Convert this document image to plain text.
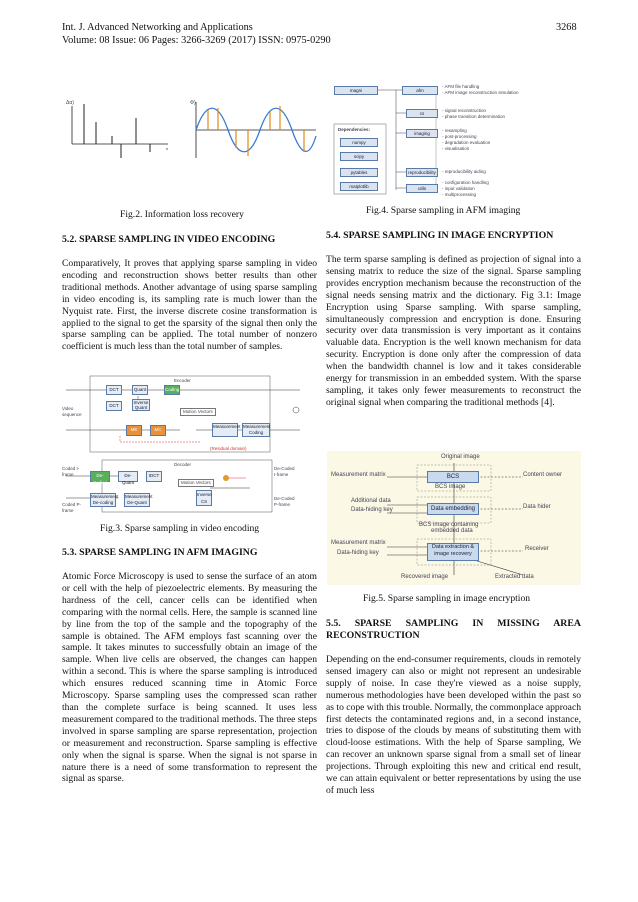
Int. J. Advanced Networking and Applications	3268
Volume: 08 Issue: 06 Pages: 3266-3269 (2017) ISSN: 0975-0290
n
Δα)	Φ)
Fig.2. Information loss recovery
5.2. SPARSE SAMPLING IN VIDEO ENCODING

Comparatively, It proves that applying sparse sampling in video encoding and reconstruction shows better results than other traditional methods. Another advantage of using sparse sampling in video encoding is, its sampling rate is much lower than the Nyquist rate. First, the inverse discrete cosine transformation is applied to the signal to get the sparsity of the signal then only the sparse sampling can be applied. The total number of nonzero coefficient is much less than the total number of samples.

Encoder
Decoder
Video sequence
DCT	Quant	Coding
DCT
Inverse Quant
Motion Vectors
ME	MC
Measurement Measurement Coding
(Residual domain)
Coded I-frame
Coded P-frame
De-Coding
De-Quant
IDCT
Measurement De-coding
Measurement De-Quant
Inverse CS
Motion Vectors
De-Coded I-frame
De-Coded P-frame
Fig.3. Sparse sampling in video encoding
5.3. SPARSE SAMPLING IN AFM IMAGING

Atomic Force Microscopy is used to sense the surface of an atom or cell with the help of piezoelectric elements. By measuring the hardness of the cell, cancer cells can be identified when comparing with the normal cells. Here, the sample is scanned line by line from the top of the sample and the topography of the sample is obtained. The AFM employs fast scanning over the sample. It takes minutes to successfully obtain an image of the sample. When live cells are observed, the changes can happen within a second. This is where the sparse sampling is introduced which ensures reduced scanning time in Atomic Force Microscopy. Sparse sampling uses the compressed scan rather than the complete surface is being scanned. It uses less measurement compared to the traditional methods. The three steps involved in sparse sampling are sparse representation, projection or measurement and reconstruction. Sparse sampling is effective only when the signal is sparse. When the signal is not sparse in nature there is a need of some transformation to represent the signal as sparse.

magni	afm
cs
imaging
reproducibility
utils
Dependencies:
numpy
scipy
pytables
matplotlib
- AFM file handling
- AFM image reconstruction simulation
- signal reconstruction
- phase transition determination
- resampling
- post-processing
- degradation evaluation
- visualisation
- reproducibility aiding
- configuration handling
- input validation
- multiprocessing
Fig.4. Sparse sampling in AFM imaging
5.4. SPARSE SAMPLING IN IMAGE ENCRYPTION

The term sparse sampling is defined as projection of signal into a sensing matrix to reduce the size of the signal. Sparse sampling provides encryption mechanism because the reconstruction of the signal needs sensing matrix and the dictionary. Fig 3.1: Image Encryption using Sparse sampling. With sparse sampling, simultaneously compression and encryption is done. Ensuring security over data transmission is very important as it contains valuable data. Encryption is the well known mechanism for data security. Encryption is done only after the compression of data when the bandwidth channel is low and it takes considerable energy for transmission in an embedded system. With the sparse sampling, it takes only fewer measurements to reconstruct the original signal when comparing the traditional methods [4].

Original image
Measurement matrix	BCS	Content owner
BCS image
Additional data
Data-hiding key	Data embedding	Data hider
BCS image containing
embedded data
Measurement matrix
Data-hiding key
Data extraction &
image recovery
Receiver
Recovered image	Extracted data
Fig.5. Sparse sampling in image encryption
5.5. SPARSE SAMPLING IN MISSING AREA
RECONSTRUCTION

Depending on the end-consumer requirements, clouds in remotely sensed imagery can also or might not represent an undesirable supply of noise. In case they're viewed as a noise supply, numerous methodologies have been developed within the past so as to cope with this trouble. Normally, the commonplace approach first detects the contaminated regions and, in a second instance, tries to dispose of the clouds by means of substituting them with cloud-loose estimations. With the help of Sparse sampling, We can recover an unknown sparse signal from a small set of linear projections. Through exploiting this new and critical end result, we can attain equivalent or better representations by using the use of much less
